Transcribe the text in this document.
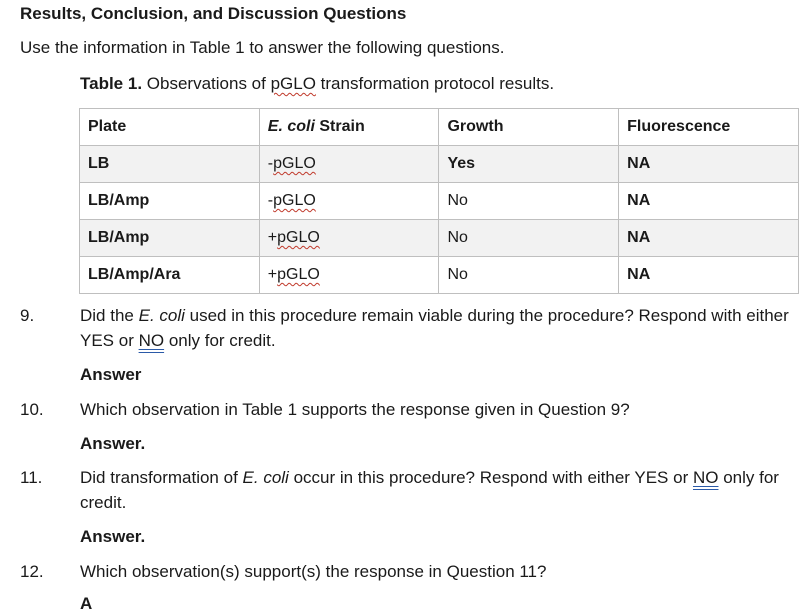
Results, Conclusion, and Discussion Questions
Use the information in Table 1 to answer the following questions.
Table 1. Observations of pGLO transformation protocol results.
Plate	E. coli Strain	Growth	Fluorescence
LB	-pGLO	Yes	NA
LB/Amp	-pGLO	No	NA
LB/Amp	+pGLO	No	NA
LB/Amp/Ara	+pGLO	No	NA
9.	Did the E. coli used in this procedure remain viable during the procedure? Respond with either YES or NO only for credit.
Answer
10. Which observation in Table 1 supports the response given in Question 9?
Answer.
11. Did transformation of E. coli occur in this procedure? Respond with either YES or NO only for credit.
Answer.
12. Which observation(s) support(s) the response in Question 11?
A
